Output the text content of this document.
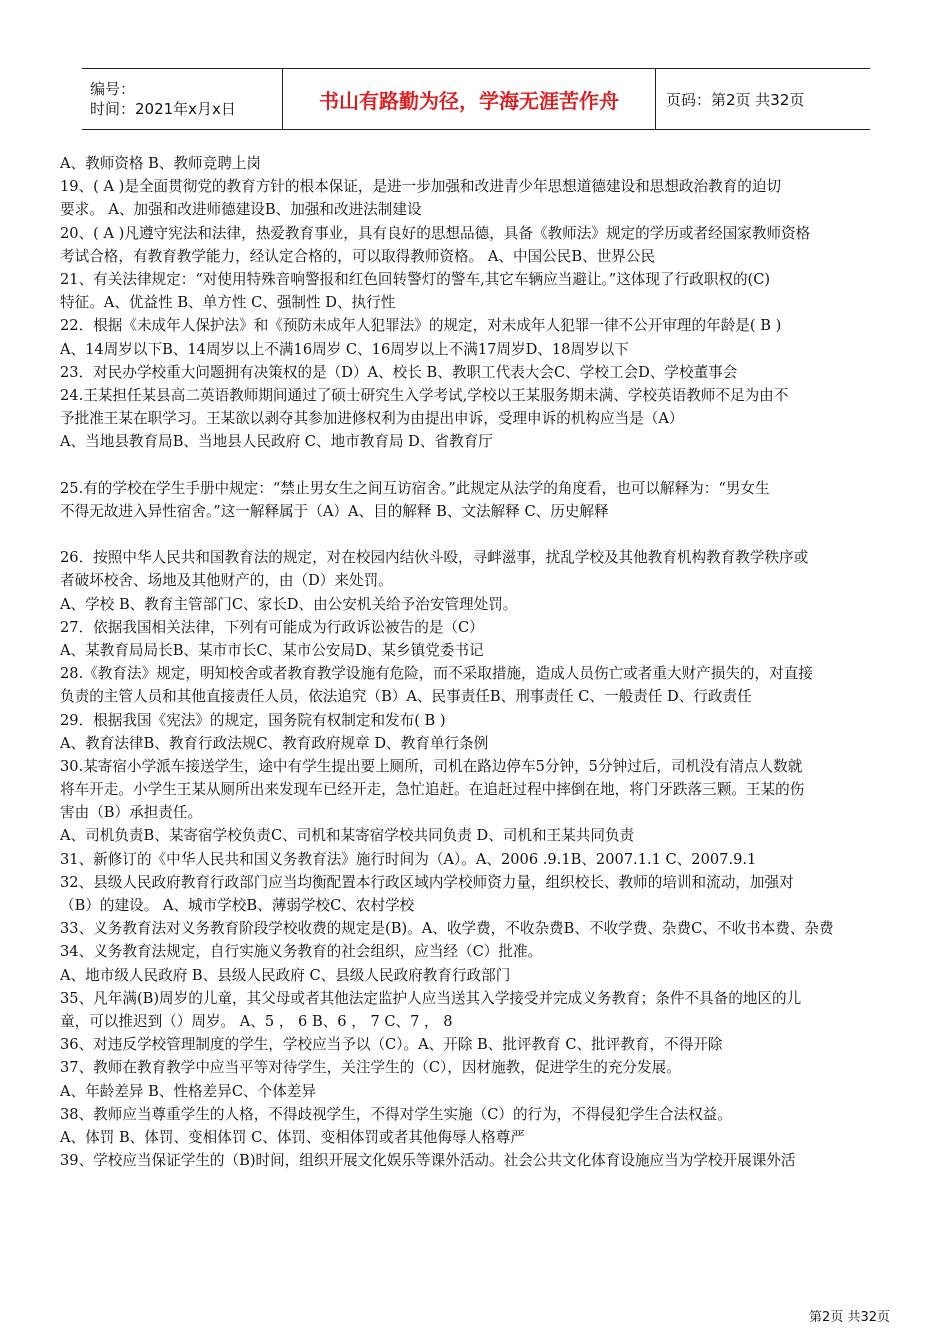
编号：
时间：2021年x月x日	书山有路勤为径，学海无涯苦作舟	页码：第2页 共32页
A、教师资格 B、教师竞聘上岗
19、( A )是全面贯彻党的教育方针的根本保证，是进一步加强和改进青少年思想道德建设和思想政治教育的迫切
要求。 A、加强和改进师德建设B、加强和改进法制建设
20、( A )凡遵守宪法和法律，热爱教育事业，具有良好的思想品德，具备《教师法》规定的学历或者经国家教师资格
考试合格，有教育教学能力，经认定合格的，可以取得教师资格。 A、中国公民B、世界公民
21、有关法律规定：“对使用特殊音响警报和红色回转警灯的警车,其它车辆应当避让。”这体现了行政职权的(C)
特征。A、优益性 B、单方性 C、强制性 D、执行性
22．根据《未成年人保护法》和《预防未成年人犯罪法》的规定，对未成年人犯罪一律不公开审理的年龄是( B )
A、14周岁以下B、14周岁以上不满16周岁 C、16周岁以上不满17周岁D、18周岁以下
23．对民办学校重大问题拥有决策权的是（D）A、校长 B、教职工代表大会C、学校工会D、学校董事会
24.王某担任某县高二英语教师期间通过了硕士研究生入学考试,学校以王某服务期未满、学校英语教师不足为由不
予批准王某在职学习。王某欲以剥夺其参加进修权利为由提出申诉，受理申诉的机构应当是（A）
A、当地县教育局B、当地县人民政府 C、地市教育局 D、省教育厅
25.有的学校在学生手册中规定：“禁止男女生之间互访宿舍。”此规定从法学的角度看，也可以解释为：“男女生
不得无故进入异性宿舍。”这一解释属于（A）A、目的解释 B、文法解释 C、历史解释
26．按照中华人民共和国教育法的规定，对在校园内结伙斗殴，寻衅滋事，扰乱学校及其他教育机构教育教学秩序或
者破坏校舍、场地及其他财产的，由（D）来处罚。
A、学校 B、教育主管部门C、家长D、由公安机关给予治安管理处罚。
27．依据我国相关法律，下列有可能成为行政诉讼被告的是（C）
A、某教育局局长B、某市市长C、某市公安局D、某乡镇党委书记
28.《教育法》规定，明知校舍或者教育教学设施有危险，而不采取措施，造成人员伤亡或者重大财产损失的，对直接
负责的主管人员和其他直接责任人员，依法追究（B）A、民事责任B、刑事责任 C、一般责任 D、行政责任
29．根据我国《宪法》的规定，国务院有权制定和发布( B )
A、教育法律B、教育行政法规C、教育政府规章 D、教育单行条例
30.某寄宿小学派车接送学生，途中有学生提出要上厕所，司机在路边停车5分钟，5分钟过后，司机没有清点人数就
将车开走。小学生王某从厕所出来发现车已经开走，急忙追赶。在追赶过程中摔倒在地，将门牙跌落三颗。王某的伤
害由（B）承担责任。
A、司机负责B、某寄宿学校负责C、司机和某寄宿学校共同负责 D、司机和王某共同负责
31、新修订的《中华人民共和国义务教育法》施行时间为（A）。A、2006 .9.1B、2007.1.1 C、2007.9.1
32、县级人民政府教育行政部门应当均衡配置本行政区域内学校师资力量，组织校长、教师的培训和流动，加强对
（B）的建设。 A、城市学校B、薄弱学校C、农村学校
33、义务教育法对义务教育阶段学校收费的规定是(B)。A、收学费，不收杂费B、不收学费、杂费C、不收书本费、杂费
34、义务教育法规定，自行实施义务教育的社会组织，应当经（C）批准。
A、地市级人民政府 B、县级人民政府 C、县级人民政府教育行政部门
35、凡年满(B)周岁的儿童，其父母或者其他法定监护人应当送其入学接受并完成义务教育；条件不具备的地区的儿
童，可以推迟到（）周岁。 A、5 ， 6 B、6 ， 7 C、7 ， 8
36、对违反学校管理制度的学生，学校应当予以（C）。A、开除 B、批评教育 C、批评教育，不得开除
37、教师在教育教学中应当平等对待学生，关注学生的（C），因材施教，促进学生的充分发展。
A、年龄差异 B、性格差异C、个体差异
38、教师应当尊重学生的人格，不得歧视学生，不得对学生实施（C）的行为，不得侵犯学生合法权益。
A、体罚 B、体罚、变相体罚 C、体罚、变相体罚或者其他侮辱人格尊严
39、学校应当保证学生的（B)时间，组织开展文化娱乐等课外活动。社会公共文化体育设施应当为学校开展课外活
第2页 共32页
